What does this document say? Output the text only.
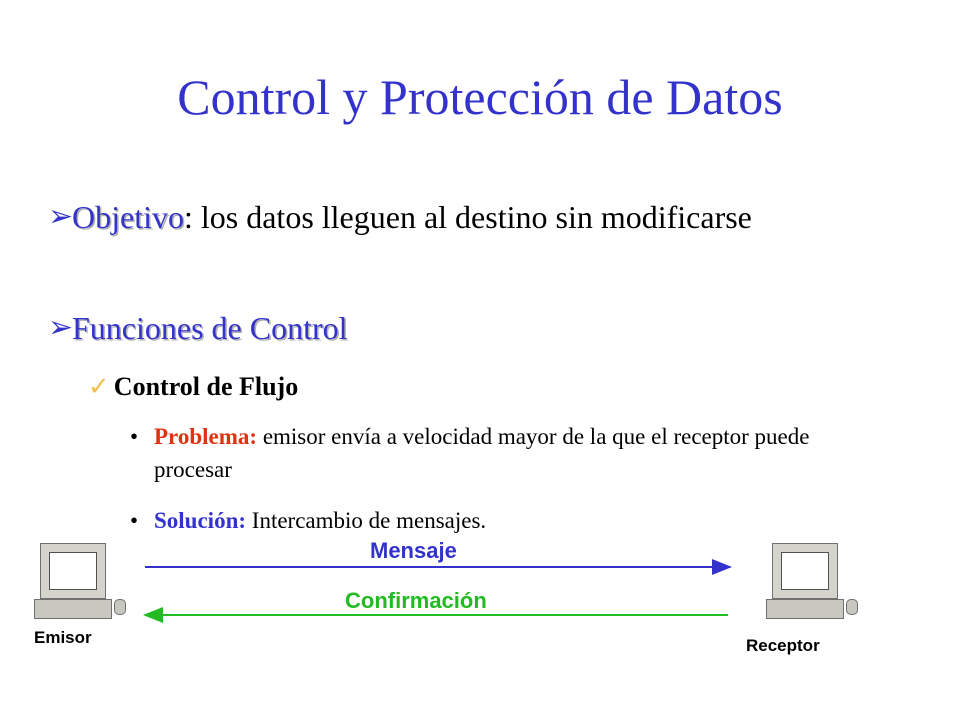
Control y Protección de Datos
➢
Objetivo: los datos lleguen al destino sin modificarse
➢
Funciones de Control
✓ Control de Flujo
• Problema: emisor envía a velocidad mayor de la que el receptor puede procesar
• Solución: Intercambio de mensajes.
Emisor	Receptor
Mensaje
Confirmación
